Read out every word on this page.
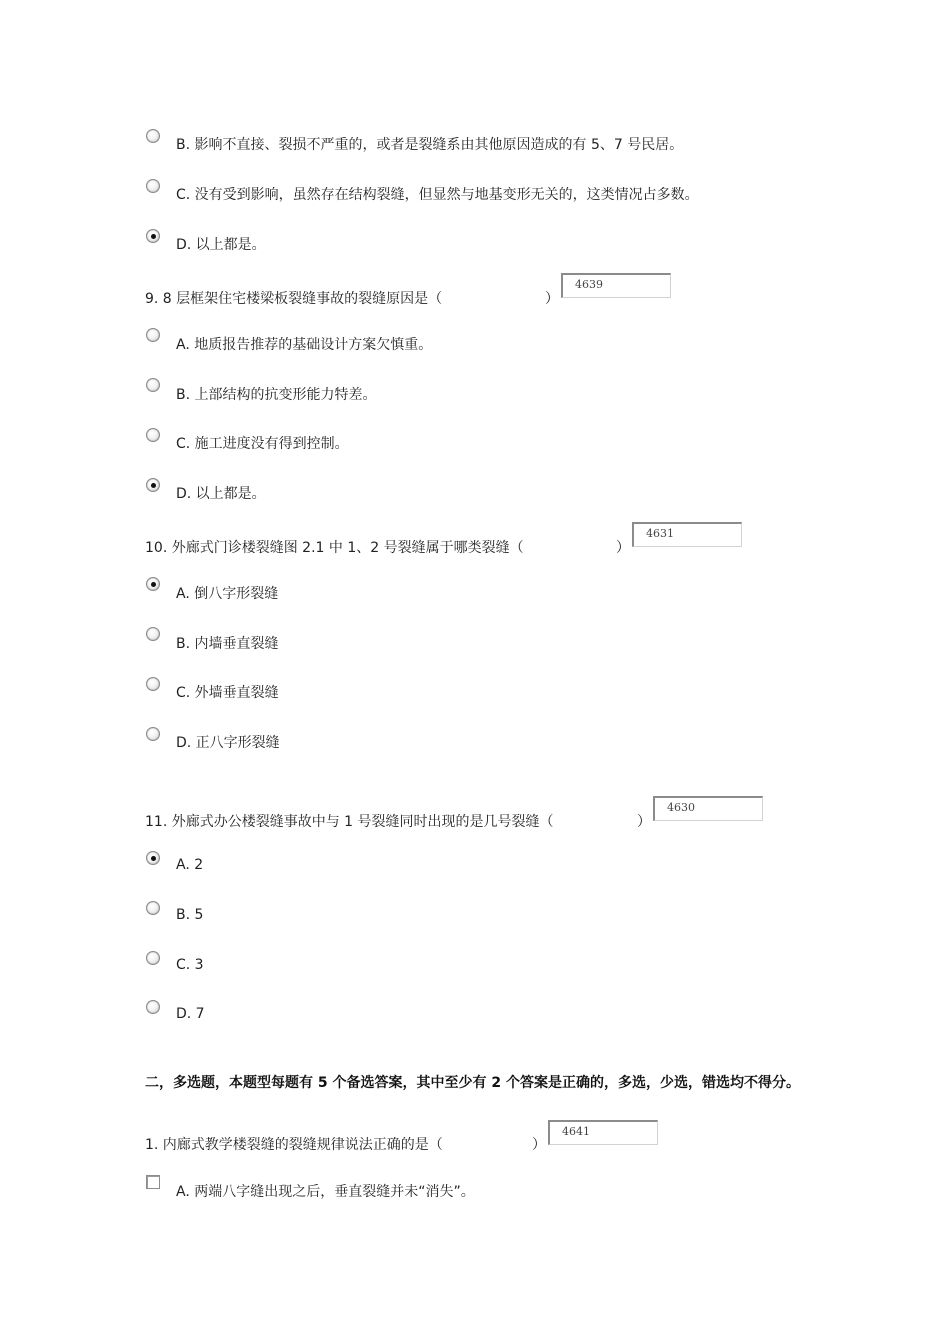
B. 影响不直接、裂损不严重的，或者是裂缝系由其他原因造成的有 5、7 号民居。
C. 没有受到影响，虽然存在结构裂缝，但显然与地基变形无关的，这类情况占多数。
D. 以上都是。
9. 8 层框架住宅楼梁板裂缝事故的裂缝原因是（	）
4639
A. 地质报告推荐的基础设计方案欠慎重。
B. 上部结构的抗变形能力特差。
C. 施工进度没有得到控制。
D. 以上都是。
10. 外廊式门诊楼裂缝图 2.1 中 1、2 号裂缝属于哪类裂缝（	）
4631
A. 倒八字形裂缝
B. 内墙垂直裂缝
C. 外墙垂直裂缝
D. 正八字形裂缝
11. 外廊式办公楼裂缝事故中与 1 号裂缝同时出现的是几号裂缝（	）
4630
A. 2
B. 5
C. 3
D. 7
二，多选题，本题型每题有 5 个备选答案，其中至少有 2 个答案是正确的，多选，少选，错选均不得分。
1. 内廊式教学楼裂缝的裂缝规律说法正确的是（	）
4641
A. 两端八字缝出现之后，垂直裂缝并未“消失”。
